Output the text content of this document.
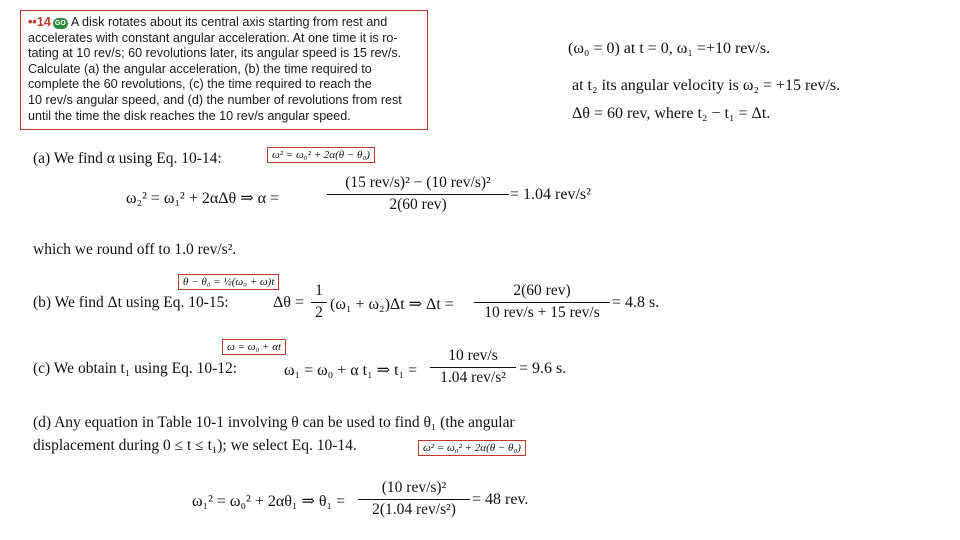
••14 GO A disk rotates about its central axis starting from rest and
accelerates with constant angular acceleration. At one time it is ro-
tating at 10 rev/s; 60 revolutions later, its angular speed is 15 rev/s.
Calculate (a) the angular acceleration, (b) the time required to
complete the 60 revolutions, (c) the time required to reach the
10 rev/s angular speed, and (d) the number of revolutions from rest
until the time the disk reaches the 10 rev/s angular speed.
(ω₀ = 0) at t = 0, ω₁ =+10 rev/s.
at t₂ its angular velocity is ω₂ = +15 rev/s.
Δθ = 60 rev, where t₂ − t₁ = Δt.
(a) We find α using Eq. 10-14:	ω² = ω₀² + 2α(θ − θ₀)
ω₂² = ω₁² + 2αΔθ ⇒ α =
(15 rev/s)² − (10 rev/s)²
2(60 rev)
= 1.04 rev/s²
which we round off to 1.0 rev/s².
θ − θ₀ = ½(ω₀ + ω)t
(b) We find Δt using Eq. 10-15:	Δθ =
1
2 (ω₁ + ω₂)Δt ⇒ Δt =
2(60 rev)
10 rev/s + 15 rev/s
= 4.8 s.
ω = ω₀ + αt
(c) We obtain t₁ using Eq. 10-12:	ω₁ = ω₀ + α t₁ ⇒ t₁ =
10 rev/s
1.04 rev/s²
= 9.6 s.
(d) Any equation in Table 10-1 involving θ can be used to find θ₁ (the angular
displacement during 0 ≤ t ≤ t₁); we select Eq. 10-14.	ω² = ω₀² + 2α(θ − θ₀)
ω₁² = ω₀² + 2αθ₁ ⇒ θ₁ =
(10 rev/s)²
2(1.04 rev/s²)
= 48 rev.
